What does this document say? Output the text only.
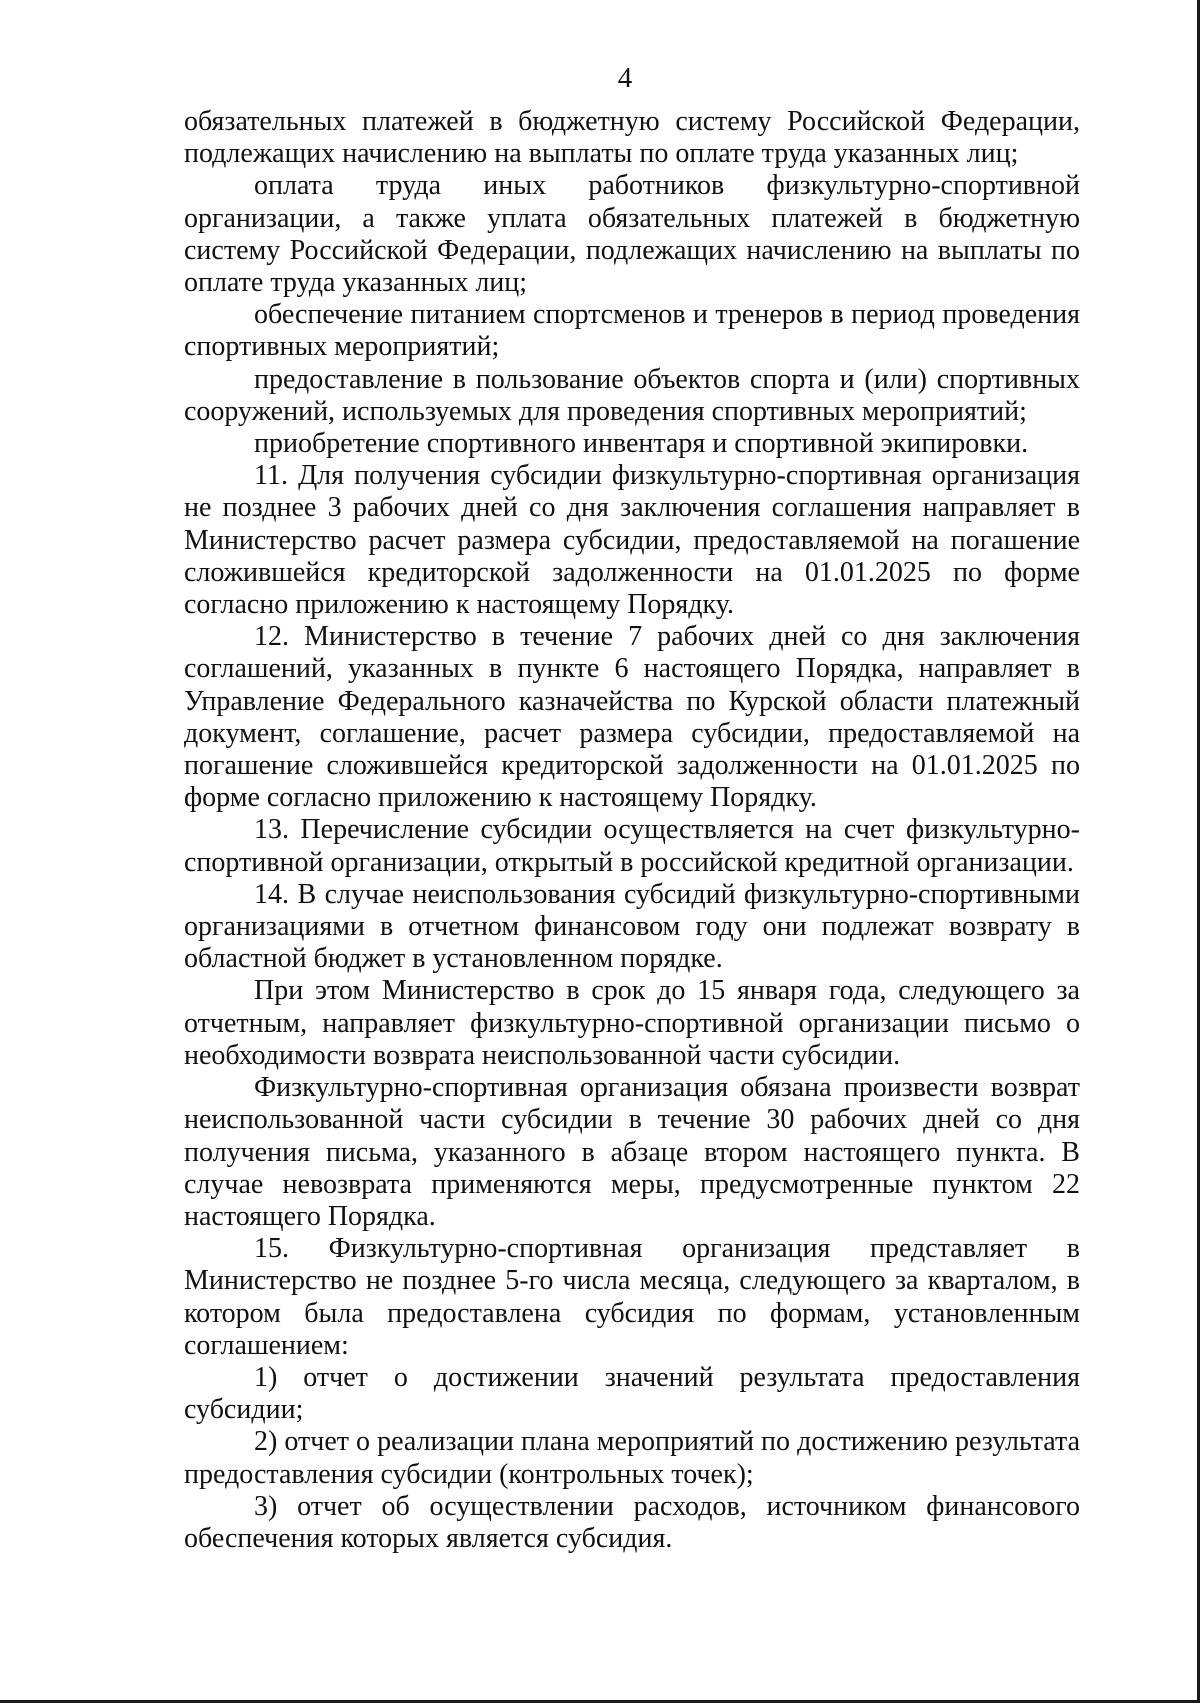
4

обязательных платежей в бюджетную систему Российской Федерации, подлежащих начислению на выплаты по оплате труда указанных лиц;

оплата труда иных работников физкультурно-спортивной организации, а также уплата обязательных платежей в бюджетную систему Российской Федерации, подлежащих начислению на выплаты по оплате труда указанных лиц;

обеспечение питанием спортсменов и тренеров в период проведения спортивных мероприятий;

предоставление в пользование объектов спорта и (или) спортивных сооружений, используемых для проведения спортивных мероприятий;

приобретение спортивного инвентаря и спортивной экипировки.

11. Для получения субсидии физкультурно-спортивная организация не позднее 3 рабочих дней со дня заключения соглашения направляет в Министерство расчет размера субсидии, предоставляемой на погашение сложившейся кредиторской задолженности на 01.01.2025 по форме согласно приложению к настоящему Порядку.

12. Министерство в течение 7 рабочих дней со дня заключения соглашений, указанных в пункте 6 настоящего Порядка, направляет в Управление Федерального казначейства по Курской области платежный документ, соглашение, расчет размера субсидии, предоставляемой на погашение сложившейся кредиторской задолженности на 01.01.2025 по форме согласно приложению к настоящему Порядку.

13. Перечисление субсидии осуществляется на счет физкультурно-спортивной организации, открытый в российской кредитной организации.

14. В случае неиспользования субсидий физкультурно-спортивными организациями в отчетном финансовом году они подлежат возврату в областной бюджет в установленном порядке.

При этом Министерство в срок до 15 января года, следующего за отчетным, направляет физкультурно-спортивной организации письмо о необходимости возврата неиспользованной части субсидии.

Физкультурно-спортивная организация обязана произвести возврат неиспользованной части субсидии в течение 30 рабочих дней со дня получения письма, указанного в абзаце втором настоящего пункта. В случае невозврата применяются меры, предусмотренные пунктом 22 настоящего Порядка.

15. Физкультурно-спортивная организация представляет в Министерство не позднее 5-го числа месяца, следующего за кварталом, в котором была предоставлена субсидия по формам, установленным соглашением:

1) отчет о достижении значений результата предоставления субсидии;

2) отчет о реализации плана мероприятий по достижению результата предоставления субсидии (контрольных точек);

3) отчет об осуществлении расходов, источником финансового обеспечения которых является субсидия.
